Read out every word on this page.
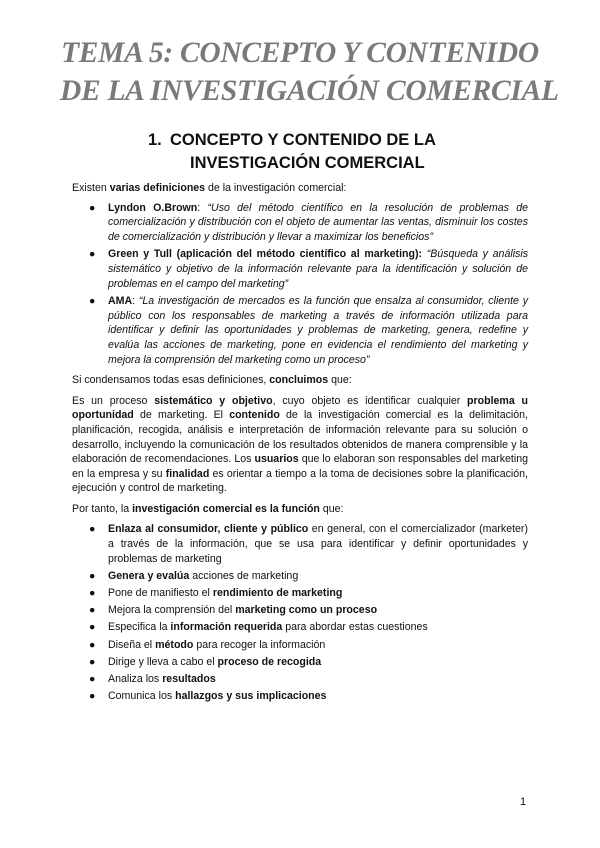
TEMA 5: CONCEPTO Y CONTENIDO
DE LA INVESTIGACIÓN COMERCIAL
1. CONCEPTO Y CONTENIDO DE LA
INVESTIGACIÓN COMERCIAL

Existen varias definiciones de la investigación comercial:

● Lyndon O.Brown: “Uso del método científico en la resolución de problemas de comercialización y distribución con el objeto de aumentar las ventas, disminuir los costes de comercialización y distribución y llevar a maximizar los beneficios”
● Green y Tull (aplicación del método científico al marketing): “Búsqueda y análisis sistemático y objetivo de la información relevante para la identificación y solución de problemas en el campo del marketing”
● AMA: “La investigación de mercados es la función que ensalza al consumidor, cliente y público con los responsables de marketing a través de información utilizada para identificar y definir las oportunidades y problemas de marketing, genera, redefine y evalúa las acciones de marketing, pone en evidencia el rendimiento del marketing y mejora la comprensión del marketing como un proceso”

Si condensamos todas esas definiciones, concluimos que:

Es un proceso sistemático y objetivo, cuyo objeto es identificar cualquier problema u oportunidad de marketing. El contenido de la investigación comercial es la delimitación, planificación, recogida, análisis e interpretación de información relevante para su solución o desarrollo, incluyendo la comunicación de los resultados obtenidos de manera comprensible y la elaboración de recomendaciones. Los usuarios que lo elaboran son responsables del marketing en la empresa y su finalidad es orientar a tiempo a la toma de decisiones sobre la planificación, ejecución y control de marketing.

Por tanto, la investigación comercial es la función que:

● Enlaza al consumidor, cliente y público en general, con el comercializador (marketer) a través de la información, que se usa para identificar y definir oportunidades y problemas de marketing
● Genera y evalúa acciones de marketing
● Pone de manifiesto el rendimiento de marketing
● Mejora la comprensión del marketing como un proceso
● Especifica la información requerida para abordar estas cuestiones
● Diseña el método para recoger la información
● Dirige y lleva a cabo el proceso de recogida
● Analiza los resultados
● Comunica los hallazgos y sus implicaciones
1
